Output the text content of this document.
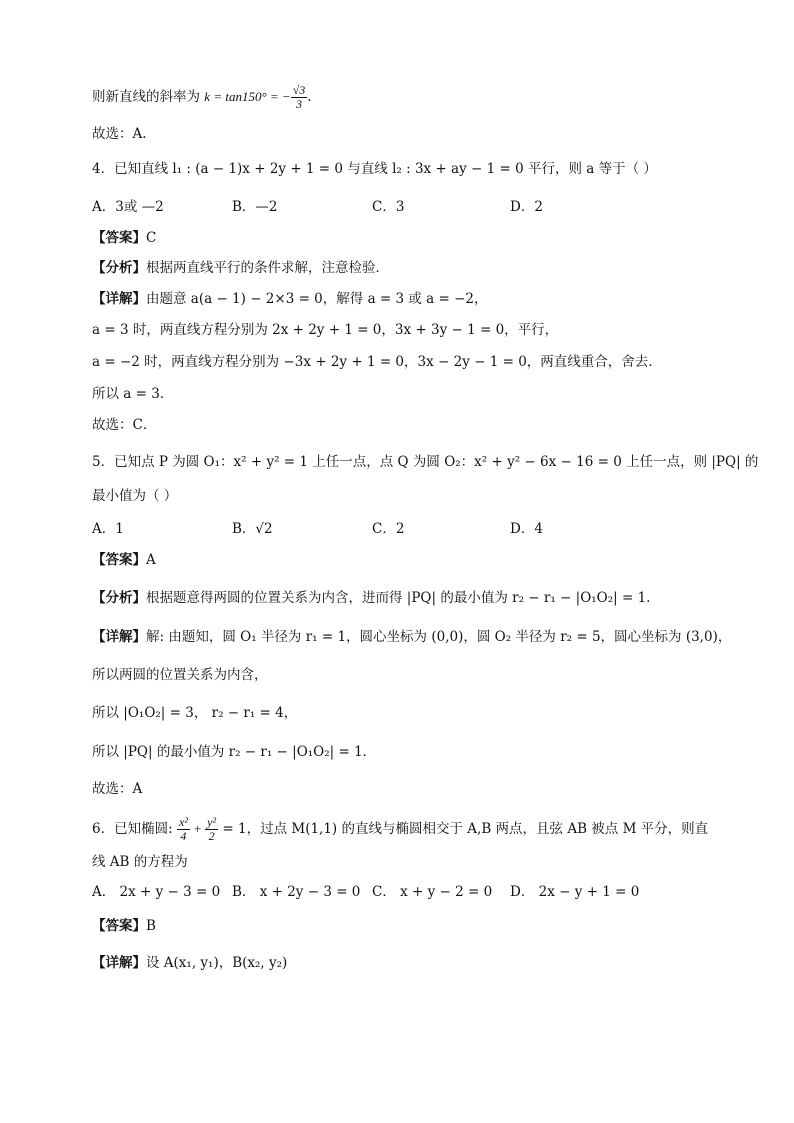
则新直线的斜率为 k = tan150° = − $\frac{√3}{3}$ .
故选：A.
4．已知直线 l₁ : (a − 1)x + 2y + 1 = 0 与直线 l₂ : 3x + ay − 1 = 0 平行，则 a 等于（ ）
A．3或 —2	B．—2	C．3	D．2
【答案】C
【分析】根据两直线平行的条件求解，注意检验．
【详解】由题意 a(a − 1) − 2×3 = 0，解得 a = 3 或 a = −2，
a = 3 时，两直线方程分别为 2x + 2y + 1 = 0，3x + 3y − 1 = 0，平行，
a = −2 时，两直线方程分别为 −3x + 2y + 1 = 0，3x − 2y − 1 = 0，两直线重合，舍去．
所以 a = 3．
故选：C．
5．已知点 P 为圆 O₁：x² + y² = 1 上任一点，点 Q 为圆 O₂：x² + y² − 6x − 16 = 0 上任一点，则 |PQ| 的
最小值为（ ）
A．1	B．√2	C．2	D．4
【答案】A
【分析】根据题意得两圆的位置关系为内含，进而得 |PQ| 的最小值为 r₂ − r₁ − |O₁O₂| = 1.
【详解】解: 由题知，圆 O₁ 半径为 r₁ = 1，圆心坐标为 (0,0)，圆 O₂ 半径为 r₂ = 5，圆心坐标为 (3,0)，
所以两圆的位置关系为内含，
所以 |O₁O₂| = 3， r₂ − r₁ = 4，
所以 |PQ| 的最小值为 r₂ − r₁ − |O₁O₂| = 1．
故选：A
6．已知椭圆: $\frac{\text{x²}}{4} + \frac{\text{y²}}{2} = 1$，过点 M(1,1) 的直线与椭圆相交于 A,B 两点，且弦 AB 被点 M 平分，则直
线 AB 的方程为
A． 2x + y − 3 = 0 B． x + 2y − 3 = 0 C． x + y − 2 = 0 D． 2x − y + 1 = 0
【答案】B
【详解】设 A(x₁, y₁)，B(x₂, y₂)
